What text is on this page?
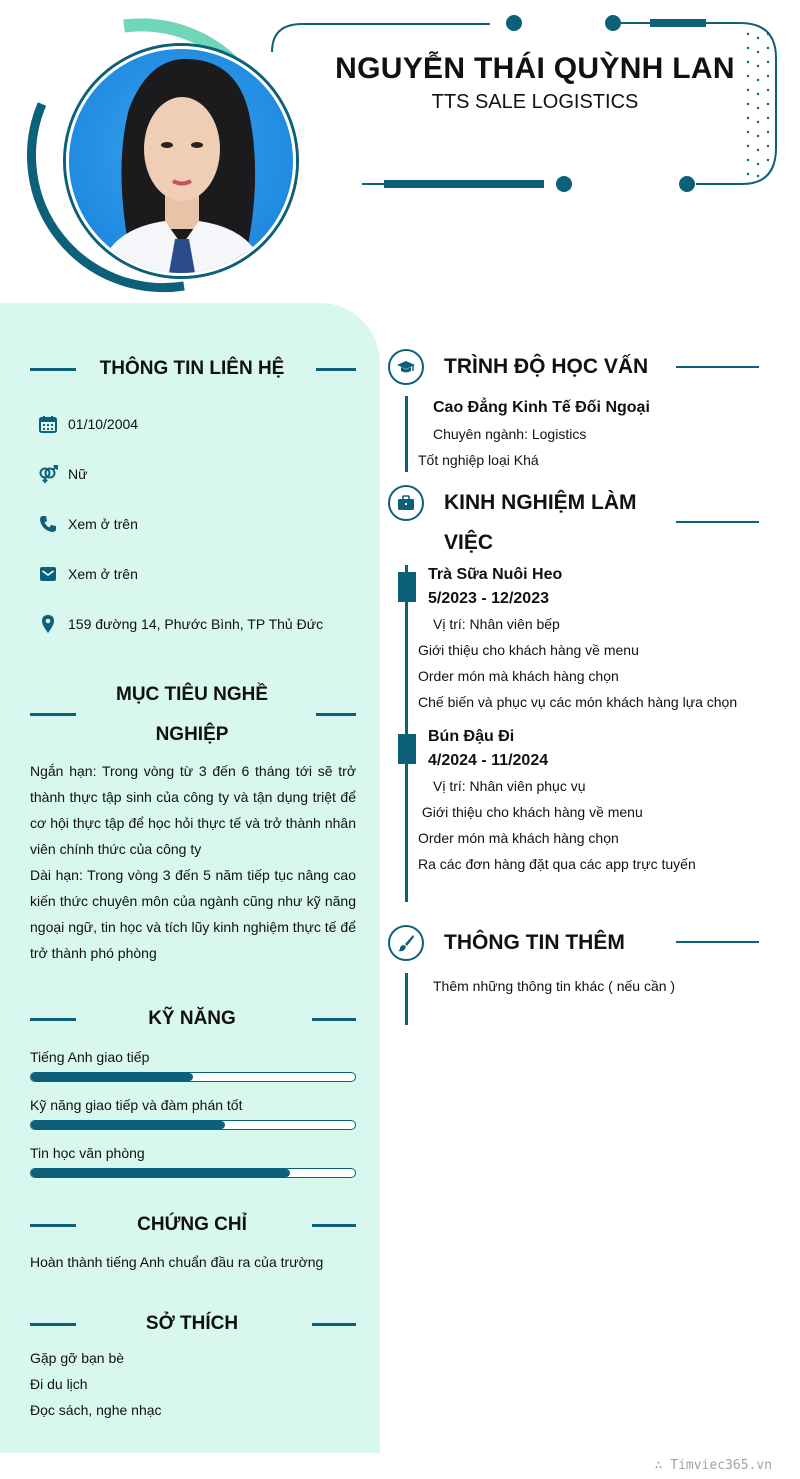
NGUYỄN THÁI QUỲNH LAN
TTS SALE LOGISTICS
THÔNG TIN LIÊN HỆ
01/10/2004
Nữ
Xem ở trên
Xem ở trên
159 đường 14, Phước Bình, TP Thủ Đức
MỤC TIÊU NGHỀ
NGHIỆP
Ngắn hạn: Trong vòng từ 3 đến 6 tháng tới sẽ trở thành thực tập sinh của công ty và tận dụng triệt để cơ hội thực tập để học hỏi thực tế và trở thành nhân viên chính thức của công ty
Dài hạn: Trong vòng 3 đến 5 năm tiếp tục nâng cao kiến thức chuyên môn của ngành cũng như kỹ năng ngoại ngữ, tin học và tích lũy kinh nghiệm thực tế để trở thành phó phòng
KỸ NĂNG
Tiếng Anh giao tiếp
Kỹ năng giao tiếp và đàm phán tốt
Tin học văn phòng
CHỨNG CHỈ
Hoàn thành tiếng Anh chuẩn đầu ra của trường
SỞ THÍCH
Gặp gỡ bạn bè
Đi du lịch
Đọc sách, nghe nhạc
TRÌNH ĐỘ HỌC VẤN
Cao Đẳng Kinh Tế Đối Ngoại
Chuyên ngành: Logistics
Tốt nghiệp loại Khá
KINH NGHIỆM LÀM
VIỆC
Trà Sữa Nuôi Heo
5/2023 - 12/2023
Vị trí: Nhân viên bếp
Giới thiệu cho khách hàng về menu
Order món mà khách hàng chọn
Chế biến và phục vụ các món khách hàng lựa chọn
Bún Đậu Đi
4/2024 - 11/2024
Vị trí: Nhân viên phục vụ
Giới thiệu cho khách hàng về menu
Order món mà khách hàng chọn
Ra các đơn hàng đặt qua các app trực tuyến
THÔNG TIN THÊM
Thêm những thông tin khác ( nếu cần )
∴ Timviec365.vn
